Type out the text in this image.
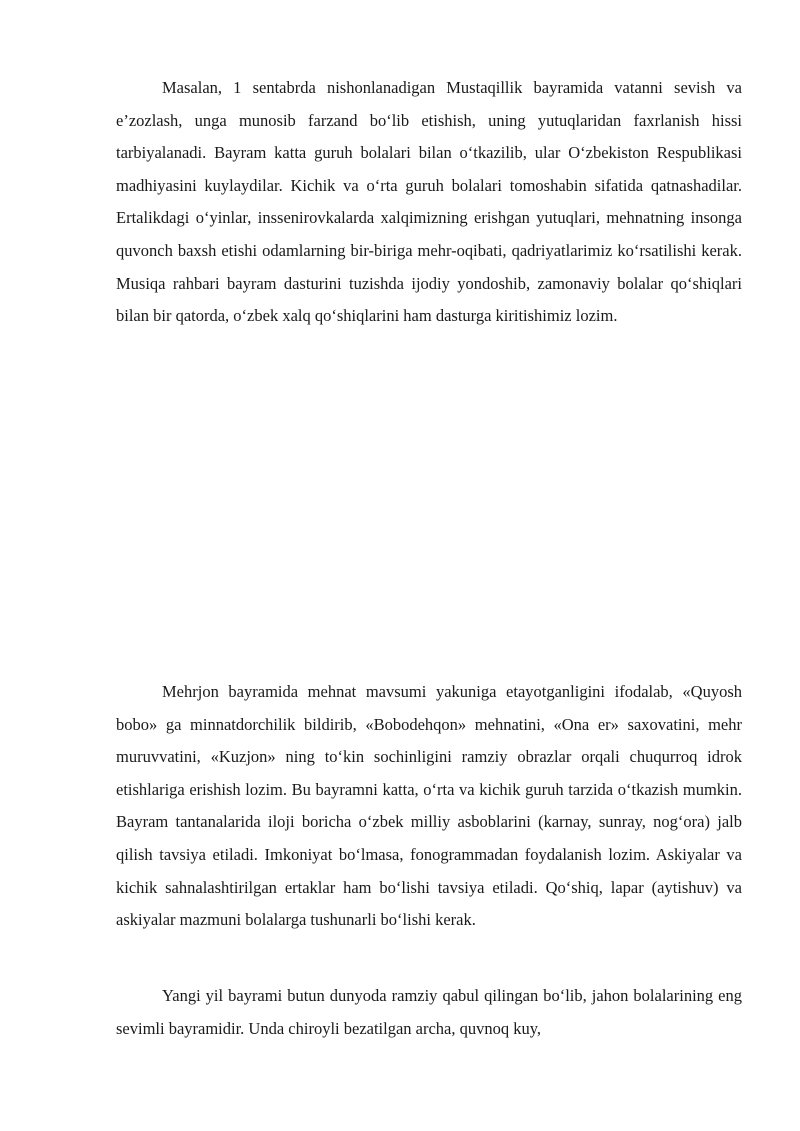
Masalan, 1 sentabrda nishonlanadigan Mustaqillik bayramida vatanni sevish va e’zozlash, unga munosib farzand bo‘lib etishish, uning yutuqlaridan faxrlanish hissi tarbiyalanadi. Bayram katta guruh bolalari bilan o‘tkazilib, ular O‘zbekiston Respublikasi madhiyasini kuylaydilar. Kichik va o‘rta guruh bolalari tomoshabin sifatida qatnashadilar. Ertalikdagi o‘yinlar, inssenirovkalarda xalqimizning erishgan yutuqlari, mehnatning insonga quvonch baxsh etishi odamlarning bir-biriga mehr-oqibati, qadriyatlarimiz ko‘rsatilishi kerak. Musiqa rahbari bayram dasturini tuzishda ijodiy yondoshib, zamonaviy bolalar qo‘shiqlari bilan bir qatorda, o‘zbek xalq qo‘shiqlarini ham dasturga kiritishimiz lozim.

Mehrjon bayramida mehnat mavsumi yakuniga etayotganligini ifodalab, «Quyosh bobo» ga minnatdorchilik bildirib, «Bobodehqon» mehnatini, «Ona er» saxovatini, mehr muruvvatini, «Kuzjon» ning to‘kin sochinligini ramziy obrazlar orqali chuqurroq idrok etishlariga erishish lozim. Bu bayramni katta, o‘rta va kichik guruh tarzida o‘tkazish mumkin. Bayram tantanalarida iloji boricha o‘zbek milliy asboblarini (karnay, sunray, nog‘ora) jalb qilish tavsiya etiladi. Imkoniyat bo‘lmasa, fonogrammadan foydalanish lozim. Askiyalar va kichik sahnalashtirilgan ertaklar ham bo‘lishi tavsiya etiladi. Qo‘shiq, lapar (aytishuv) va askiyalar mazmuni bolalarga tushunarli bo‘lishi kerak.

Yangi yil bayrami butun dunyoda ramziy qabul qilingan bo‘lib, jahon bolalarining eng sevimli bayramidir. Unda chiroyli bezatilgan archa, quvnoq kuy,
